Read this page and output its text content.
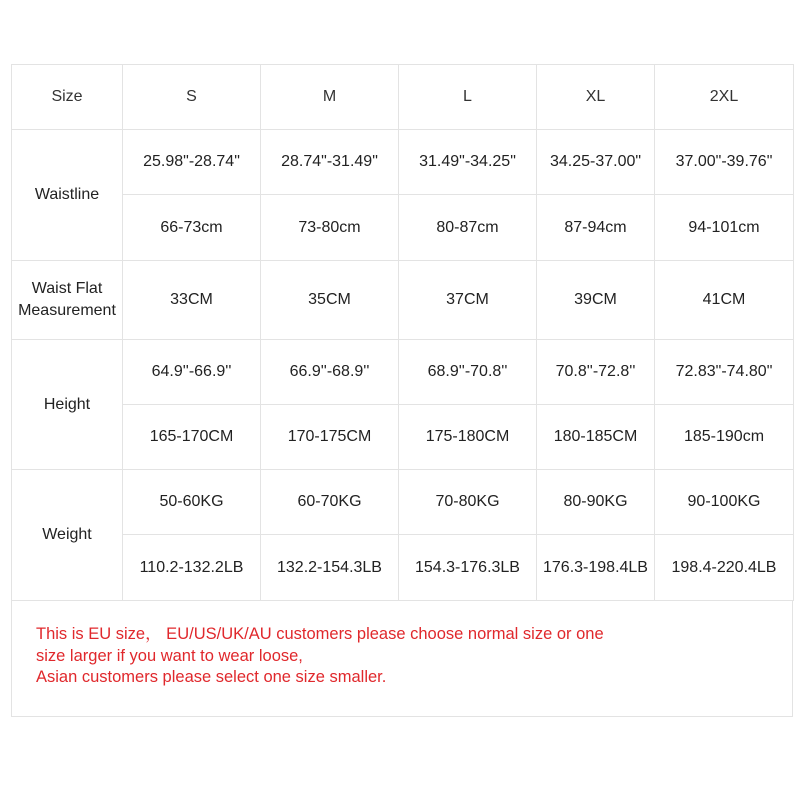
Size	S	M	L	XL	2XL
Waistline	25.98"-28.74"	28.74"-31.49"	31.49"-34.25"	34.25-37.00"	37.00"-39.76"
	66-73cm	73-80cm	80-87cm	87-94cm	94-101cm
Waist Flat Measurement	33CM	35CM	37CM	39CM	41CM
Height	64.9''-66.9''	66.9''-68.9''	68.9''-70.8''	70.8''-72.8''	72.83"-74.80"
	165-170CM	170-175CM	175-180CM	180-185CM	185-190cm
Weight	50-60KG	60-70KG	70-80KG	80-90KG	90-100KG
	110.2-132.2LB	132.2-154.3LB	154.3-176.3LB	176.3-198.4LB	198.4-220.4LB
This is EU size， EU/US/UK/AU customers please choose normal size or one
size larger if you want to wear loose,
Asian customers please select one size smaller.
